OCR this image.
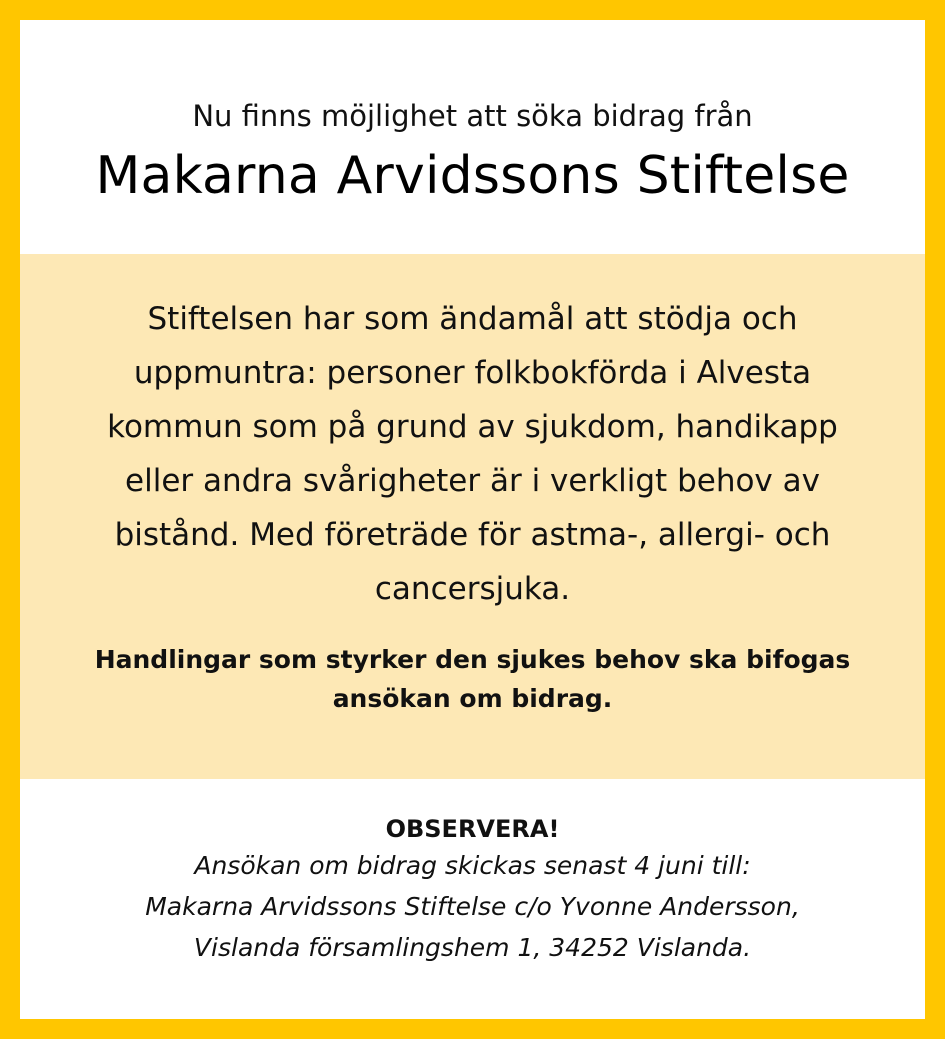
Nu finns möjlighet att söka bidrag från
Makarna Arvidssons Stiftelse
Stiftelsen har som ändamål att stödja och uppmuntra: personer folkbokförda i Alvesta kommun som på grund av sjukdom, handikapp eller andra svårigheter är i verkligt behov av bistånd. Med företräde för astma-, allergi- och cancersjuka.
Handlingar som styrker den sjukes behov ska bifogas ansökan om bidrag.
OBSERVERA!
Ansökan om bidrag skickas senast 4 juni till:
Makarna Arvidssons Stiftelse c/o Yvonne Andersson,
Vislanda församlingshem 1, 34252 Vislanda.
